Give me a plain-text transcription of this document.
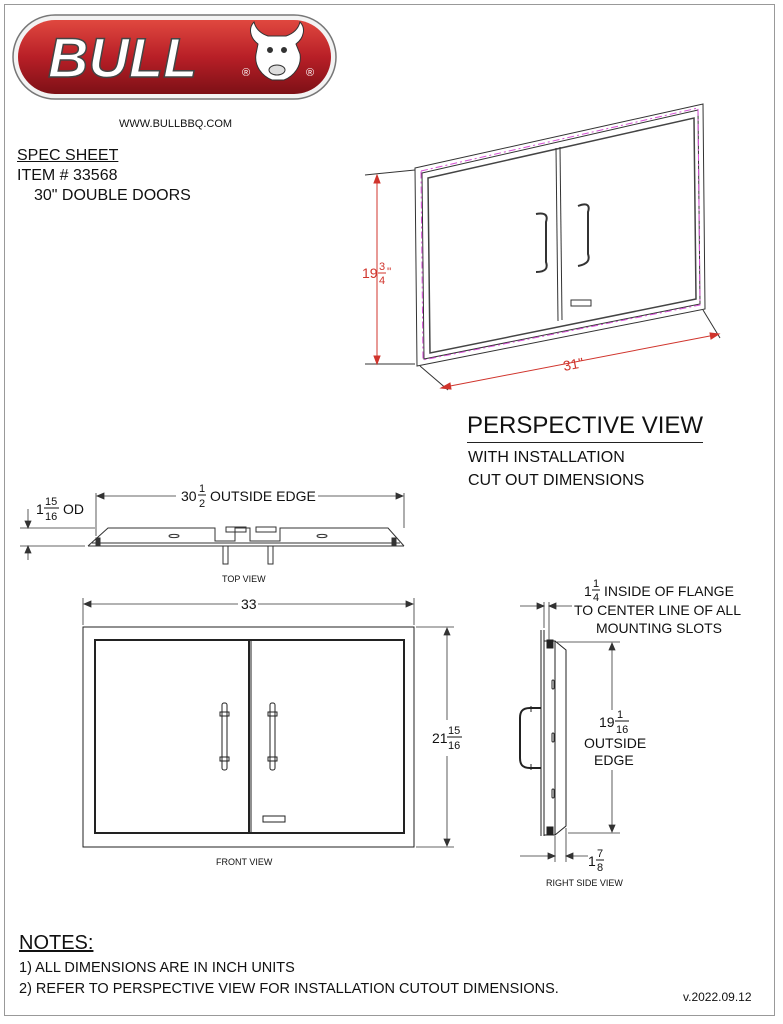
BULL	®	®
WWW.BULLBBQ.COM
SPEC SHEET
ITEM # 33568
30" DOUBLE DOORS
PERSPECTIVE VIEW
WITH INSTALLATION
CUT OUT DIMENSIONS
19 3
4
"
31"
30 1
2 OUTSIDE EDGE
1 15
16 OD
TOP VIEW
33
21 15
16
FRONT VIEW
1 1
4 INSIDE OF FLANGE
TO CENTER LINE OF ALL
MOUNTING SLOTS
19 1
16
OUTSIDE
EDGE
1 7
8
RIGHT SIDE VIEW
NOTES:
1) ALL DIMENSIONS ARE IN INCH UNITS
2) REFER TO PERSPECTIVE VIEW FOR INSTALLATION CUTOUT DIMENSIONS.	v.2022.09.12
